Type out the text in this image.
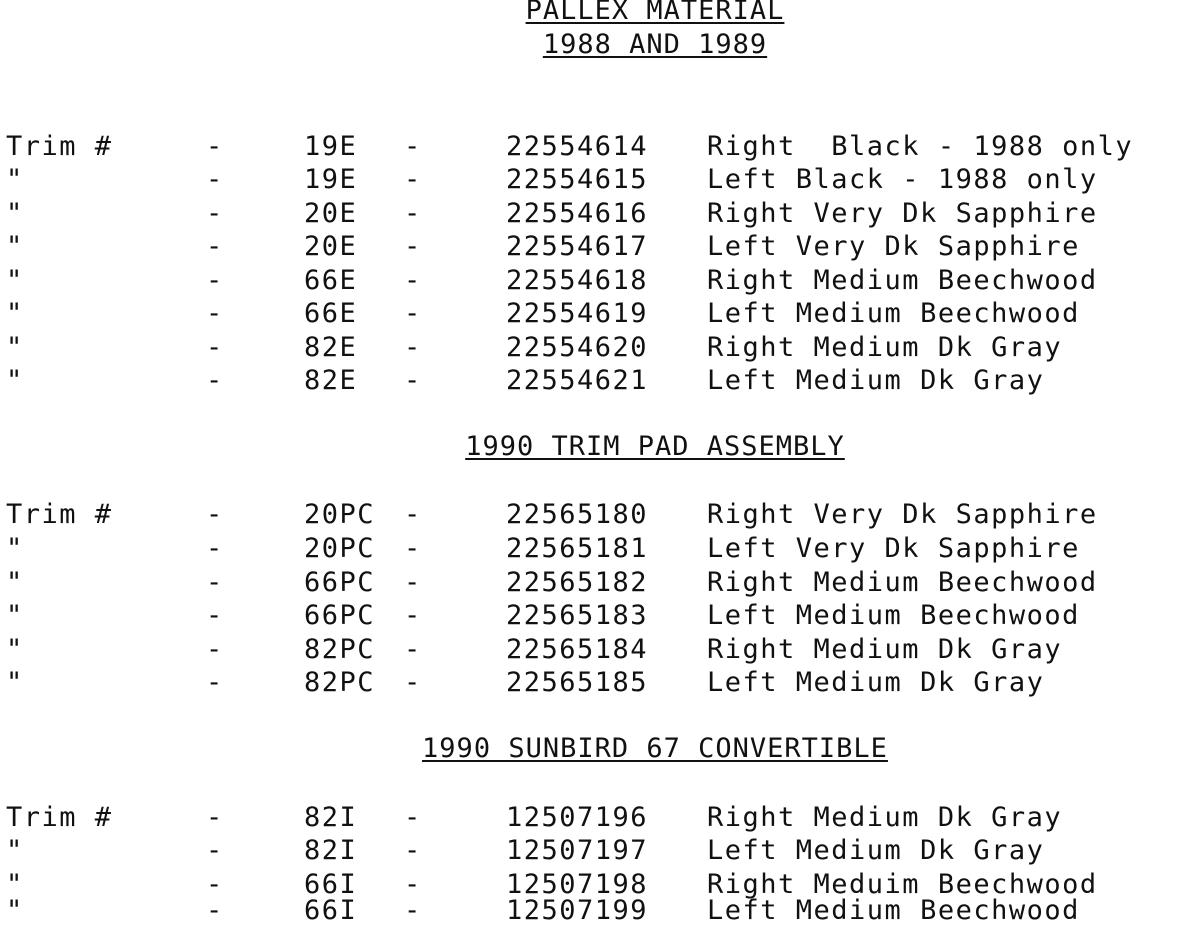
PALLEX MATERIAL
1988 AND 1989
Trim #	-	19E -	22554614 Right  Black - 1988 only
"	-	19E -	22554615 Left Black - 1988 only
"	-	20E -	22554616 Right Very Dk Sapphire
"	-	20E -	22554617 Left Very Dk Sapphire
"	-	66E -	22554618 Right Medium Beechwood
"	-	66E -	22554619 Left Medium Beechwood
"	-	82E -	22554620 Right Medium Dk Gray
"	-	82E -	22554621 Left Medium Dk Gray
1990 TRIM PAD ASSEMBLY
Trim #	-	20PC -	22565180 Right Very Dk Sapphire
"	-	20PC -	22565181 Left Very Dk Sapphire
"	-	66PC -	22565182 Right Medium Beechwood
"	-	66PC -	22565183 Left Medium Beechwood
"	-	82PC -	22565184 Right Medium Dk Gray
"	-	82PC -	22565185 Left Medium Dk Gray
1990 SUNBIRD 67 CONVERTIBLE
Trim #	-	82I -	12507196 Right Medium Dk Gray
"	-	82I -	12507197 Left Medium Dk Gray
"	-	66I -	12507198 Right Meduim Beechwood
"	-	66I -	12507199 Left Medium Beechwood
